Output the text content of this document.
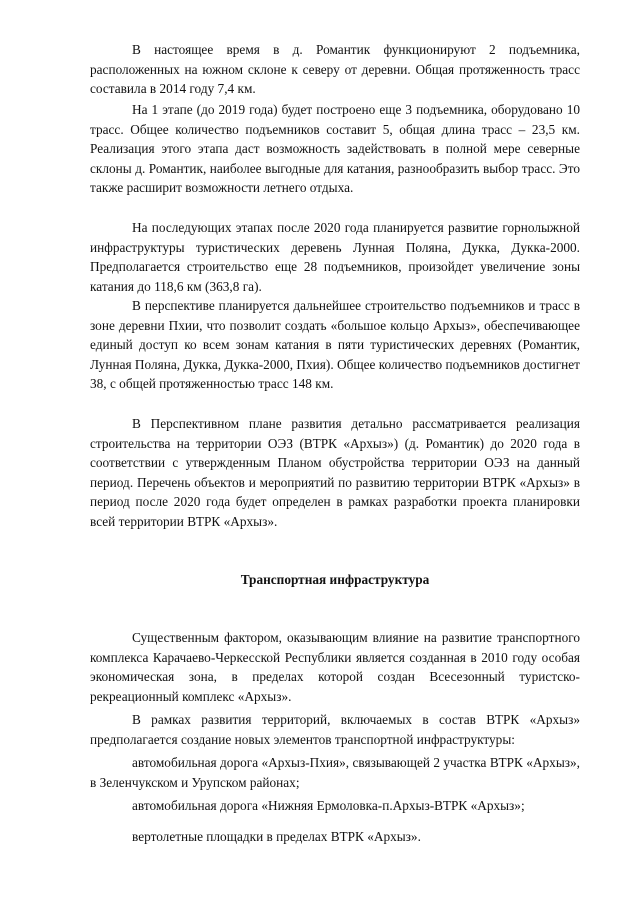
В настоящее время в д. Романтик функционируют 2 подъемника, расположенных на южном склоне к северу от деревни. Общая протяженность трасс составила в 2014 году 7,4 км.

На 1 этапе (до 2019 года) будет построено еще 3 подъемника, оборудовано 10 трасс. Общее количество подъемников составит 5, общая длина трасс – 23,5 км. Реализация этого этапа даст возможность задействовать в полной мере северные склоны д. Романтик, наиболее выгодные для катания, разнообразить выбор трасс. Это также расширит возможности летнего отдыха.

На последующих этапах после 2020 года планируется развитие горнолыжной инфраструктуры туристических деревень Лунная Поляна, Дукка, Дукка-2000. Предполагается строительство еще 28 подъемников, произойдет увеличение зоны катания до 118,6 км (363,8 га).

В перспективе планируется дальнейшее строительство подъемников и трасс в зоне деревни Пхии, что позволит создать «большое кольцо Архыз», обеспечивающее единый доступ ко всем зонам катания в пяти туристических деревнях (Романтик, Лунная Поляна, Дукка, Дукка-2000, Пхия). Общее количество подъемников достигнет 38, с общей протяженностью трасс 148 км.

В Перспективном плане развития детально рассматривается реализация строительства на территории ОЭЗ (ВТРК «Архыз») (д. Романтик) до 2020 года в соответствии с утвержденным Планом обустройства территории ОЭЗ на данный период. Перечень объектов и мероприятий по развитию территории ВТРК «Архыз» в период после 2020 года будет определен в рамках разработки проекта планировки всей территории ВТРК «Архыз».

Транспортная инфраструктура

Существенным фактором, оказывающим влияние на развитие транспортного комплекса Карачаево-Черкесской Республики является созданная в 2010 году особая экономическая зона, в пределах которой создан Всесезонный туристско-рекреационный комплекс «Архыз».

В рамках развития территорий, включаемых в состав ВТРК «Архыз» предполагается создание новых элементов транспортной инфраструктуры:

автомобильная дорога «Архыз-Пхия», связывающей 2 участка ВТРК «Архыз», в Зеленчукском и Урупском районах;

автомобильная дорога «Нижняя Ермоловка-п.Архыз-ВТРК «Архыз»;

вертолетные площадки в пределах ВТРК «Архыз».
